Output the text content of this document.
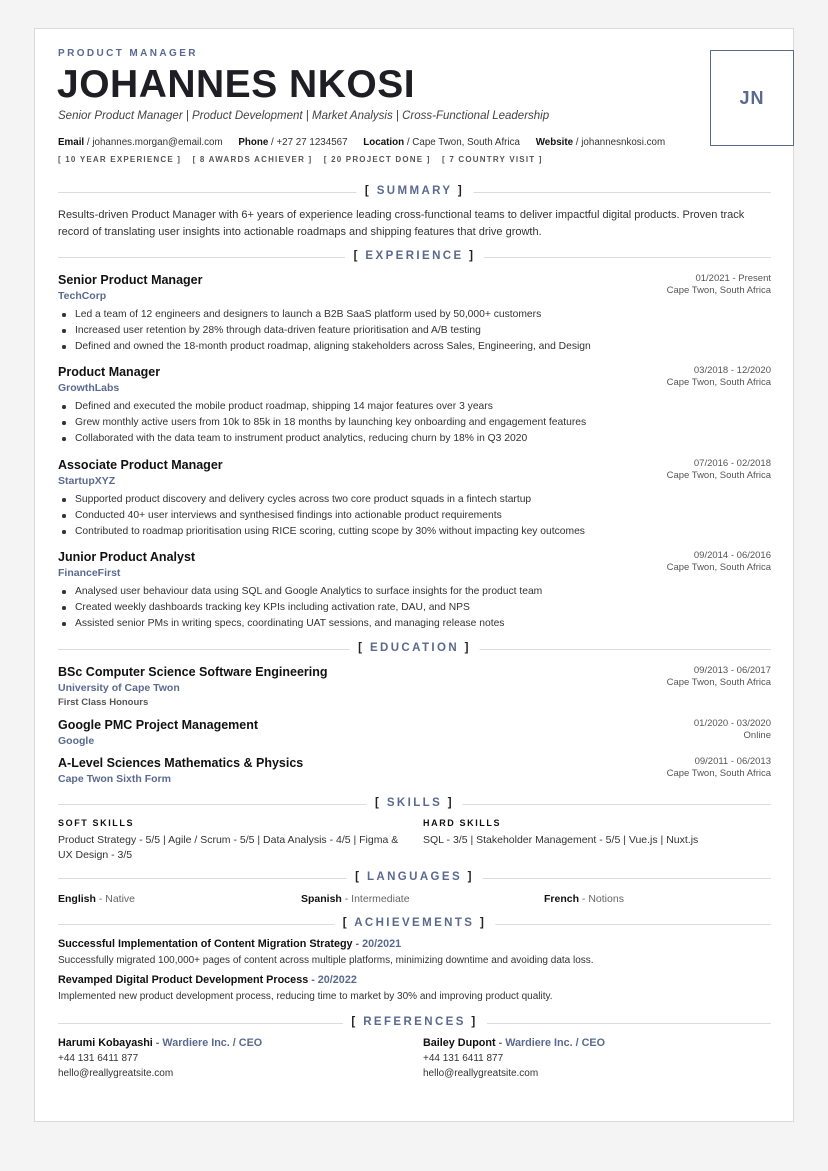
PRODUCT MANAGER
JOHANNES NKOSI
Senior Product Manager | Product Development | Market Analysis | Cross-Functional Leadership
Email / johannes.morgan@email.com Phone / +27 27 1234567 Location / Cape Twon, South Africa Website / johannesnkosi.com
[ 10 YEAR EXPERIENCE ] [ 8 AWARDS ACHIEVER ] [ 20 PROJECT DONE ] [ 7 COUNTRY VISIT ]
JN
[ SUMMARY ]
Results-driven Product Manager with 6+ years of experience leading cross-functional teams to deliver impactful digital products. Proven track record of translating user insights into actionable roadmaps and shipping features that drive growth.
[ EXPERIENCE ]
Senior Product Manager
TechCorp
01/2021 - Present
Cape Twon, South Africa
Led a team of 12 engineers and designers to launch a B2B SaaS platform used by 50,000+ customers
Increased user retention by 28% through data-driven feature prioritisation and A/B testing
Defined and owned the 18-month product roadmap, aligning stakeholders across Sales, Engineering, and Design
Product Manager
GrowthLabs
03/2018 - 12/2020
Cape Twon, South Africa
Defined and executed the mobile product roadmap, shipping 14 major features over 3 years
Grew monthly active users from 10k to 85k in 18 months by launching key onboarding and engagement features
Collaborated with the data team to instrument product analytics, reducing churn by 18% in Q3 2020
Associate Product Manager
StartupXYZ
07/2016 - 02/2018
Cape Twon, South Africa
Supported product discovery and delivery cycles across two core product squads in a fintech startup
Conducted 40+ user interviews and synthesised findings into actionable product requirements
Contributed to roadmap prioritisation using RICE scoring, cutting scope by 30% without impacting key outcomes
Junior Product Analyst
FinanceFirst
09/2014 - 06/2016
Cape Twon, South Africa
Analysed user behaviour data using SQL and Google Analytics to surface insights for the product team
Created weekly dashboards tracking key KPIs including activation rate, DAU, and NPS
Assisted senior PMs in writing specs, coordinating UAT sessions, and managing release notes
[ EDUCATION ]
BSc Computer Science Software Engineering
University of Cape Twon
First Class Honours
09/2013 - 06/2017
Cape Twon, South Africa
Google PMC Project Management
Google
01/2020 - 03/2020
Online
A-Level Sciences Mathematics & Physics
Cape Twon Sixth Form
09/2011 - 06/2013
Cape Twon, South Africa
[ SKILLS ]
SOFT SKILLS
Product Strategy - 5/5 | Agile / Scrum - 5/5 | Data Analysis - 4/5 | Figma & UX Design - 3/5
HARD SKILLS
SQL - 3/5 | Stakeholder Management - 5/5 | Vue.js | Nuxt.js
[ LANGUAGES ]
English - Native	Spanish - Intermediate	French - Notions
[ ACHIEVEMENTS ]
Successful Implementation of Content Migration Strategy - 20/2021
Successfully migrated 100,000+ pages of content across multiple platforms, minimizing downtime and avoiding data loss.
Revamped Digital Product Development Process - 20/2022
Implemented new product development process, reducing time to market by 30% and improving product quality.
[ REFERENCES ]
Harumi Kobayashi - Wardiere Inc. / CEO
+44 131 6411 877
hello@reallygreatsite.com
Bailey Dupont - Wardiere Inc. / CEO
+44 131 6411 877
hello@reallygreatsite.com
